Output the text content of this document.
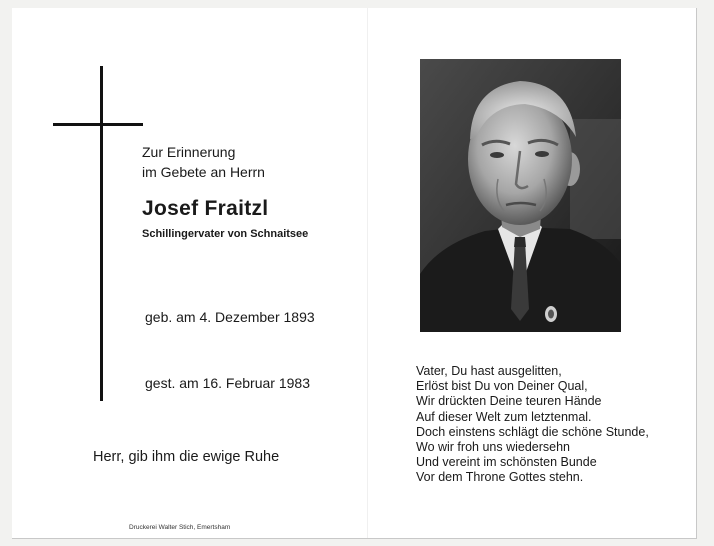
Zur Erinnerung
im Gebete an Herrn
Josef Fraitzl
Schillingervater von Schnaitsee
geb. am 4. Dezember 1893
gest. am 16. Februar 1983
Herr, gib ihm die ewige Ruhe
Druckerei Walter Stich, Emertsham
Vater, Du hast ausgelitten,
Erlöst bist Du von Deiner Qual,
Wir drückten Deine teuren Hände
Auf dieser Welt zum letztenmal.
Doch einstens schlägt die schöne Stunde,
Wo wir froh uns wiedersehn
Und vereint im schönsten Bunde
Vor dem Throne Gottes stehn.
